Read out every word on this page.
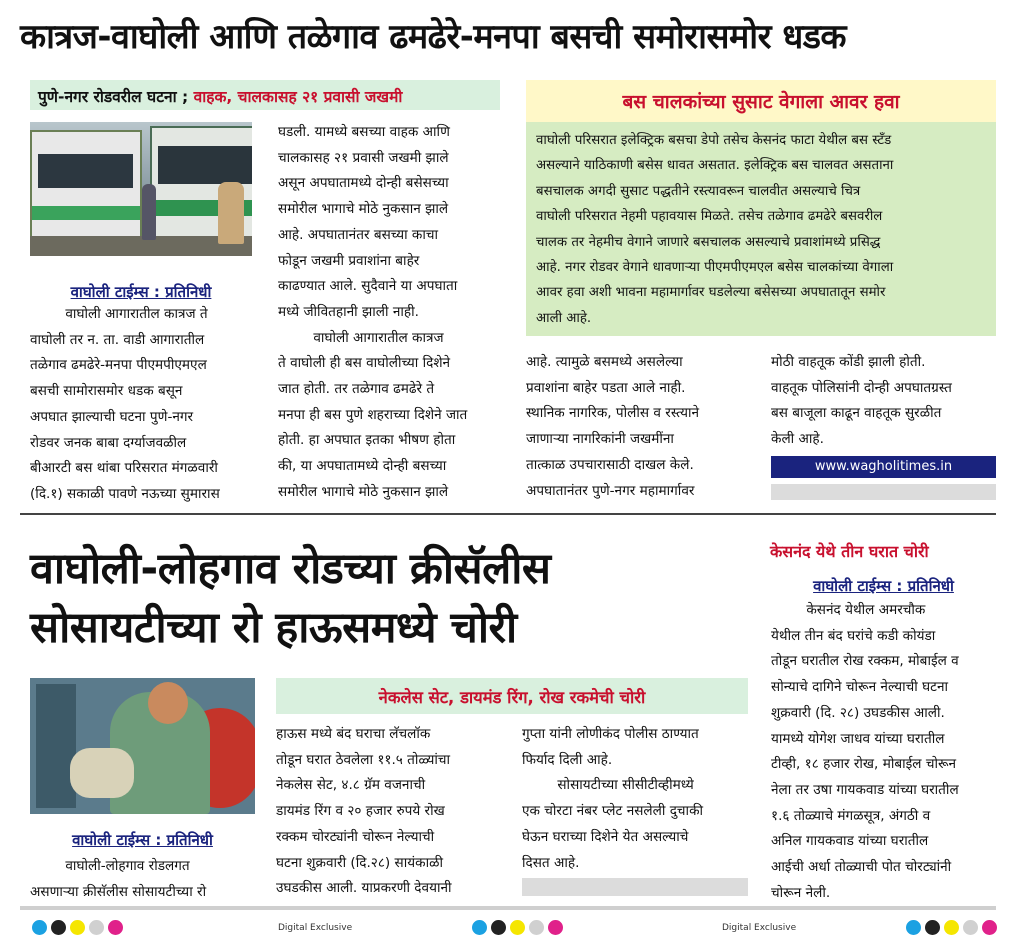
कात्रज-वाघोली आणि तळेगाव ढमढेरे-मनपा बसची समोरासमोर धडक
पुणे-नगर रोडवरील घटना ; वाहक, चालकासह २१ प्रवासी जखमी
वाघोली टाईम्स : प्रतिनिधी
वाघोली आगारातील कात्रज ते
वाघोली तर न. ता. वाडी आगारातील
तळेगाव ढमढेरे-मनपा पीएमपीएमएल
बसची सामोरासमोर धडक बसून
अपघात झाल्याची घटना पुणे-नगर
रोडवर जनक बाबा दर्ग्याजवळील
बीआरटी बस थांबा परिसरात मंगळवारी
(दि.१) सकाळी पावणे नऊच्या सुमारास
घडली. यामध्ये बसच्या वाहक आणि
चालकासह २१ प्रवासी जखमी झाले
असून अपघातामध्ये दोन्ही बसेसच्या
समोरील भागाचे मोठे नुकसान झाले
आहे. अपघातानंतर बसच्या काचा
फोडून जखमी प्रवाशांना बाहेर
काढण्यात आले. सुदैवाने या अपघाता
मध्ये जीवितहानी झाली नाही.
वाघोली आगारातील कात्रज
ते वाघोली ही बस वाघोलीच्या दिशेने
जात होती. तर तळेगाव ढमढेरे ते
मनपा ही बस पुणे शहराच्या दिशेने जात
होती. हा अपघात इतका भीषण होता
की, या अपघातामध्ये दोन्ही बसच्या
समोरील भागाचे मोठे नुकसान झाले
आहे. त्यामुळे बसमध्ये असलेल्या
प्रवाशांना बाहेर पडता आले नाही.
स्थानिक नागरिक, पोलीस व रस्त्याने
जाणाऱ्या नागरिकांनी जखमींना
तात्काळ उपचारासाठी दाखल केले.
अपघातानंतर पुणे-नगर महामार्गावर
मोठी वाहतूक कोंडी झाली होती.
वाहतूक पोलिसांनी दोन्ही अपघातग्रस्त
बस बाजूला काढून वाहतूक सुरळीत
केली आहे.
www.wagholitimes.in
बस चालकांच्या सुसाट वेगाला आवर हवा
वाघोली परिसरात इलेक्ट्रिक बसचा डेपो तसेच केसनंद फाटा येथील बस स्टँड
असल्याने याठिकाणी बसेस धावत असतात. इलेक्ट्रिक बस चालवत असताना
बसचालक अगदी सुसाट पद्धतीने रस्त्यावरून चालवीत असल्याचे चित्र
वाघोली परिसरात नेहमी पहावयास मिळते. तसेच तळेगाव ढमढेरे बसवरील
चालक तर नेहमीच वेगाने जाणारे बसचालक असल्याचे प्रवाशांमध्ये प्रसिद्ध
आहे. नगर रोडवर वेगाने धावणाऱ्या पीएमपीएमएल बसेस चालकांच्या वेगाला
आवर हवा अशी भावना महामार्गावर घडलेल्या बसेसच्या अपघातातून समोर
आली आहे.
वाघोली-लोहगाव रोडच्या क्रीसॅलीस
सोसायटीच्या रो हाऊसमध्ये चोरी
नेकलेस सेट, डायमंड रिंग, रोख रकमेची चोरी
वाघोली टाईम्स : प्रतिनिधी
वाघोली-लोहगाव रोडलगत
असणाऱ्या क्रीसॅलीस सोसायटीच्या रो
हाऊस मध्ये बंद घराचा लॅचलॉक
तोडून घरात ठेवलेला ११.५ तोळ्यांचा
नेकलेस सेट, ४.८ ग्रॅम वजनाची
डायमंड रिंग व २० हजार रुपये रोख
रक्कम चोरट्यांनी चोरून नेल्याची
घटना शुक्रवारी (दि.२८) सायंकाळी
उघडकीस आली. याप्रकरणी देवयानी
गुप्ता यांनी लोणीकंद पोलीस ठाण्यात
फिर्याद दिली आहे.
सोसायटीच्या सीसीटीव्हीमध्ये
एक चोरटा नंबर प्लेट नसलेली दुचाकी
घेऊन घराच्या दिशेने येत असल्याचे
दिसत आहे.
केसनंद येथे तीन घरात चोरी
वाघोली टाईम्स : प्रतिनिधी
केसनंद येथील अमरचौक
येथील तीन बंद घरांचे कडी कोयंडा
तोडून घरातील रोख रक्कम, मोबाईल व
सोन्याचे दागिने चोरून नेल्याची घटना
शुक्रवारी (दि. २८) उघडकीस आली.
यामध्ये योगेश जाधव यांच्या घरातील
टीव्ही, १८ हजार रोख, मोबाईल चोरून
नेला तर उषा गायकवाड यांच्या घरातील
१.६ तोळ्याचे मंगळसूत्र, अंगठी व
अनिल गायकवाड यांच्या घरातील
आईची अर्धा तोळ्याची पोत चोरट्यांनी
चोरून नेली.
Digital Exclusive	Digital Exclusive
